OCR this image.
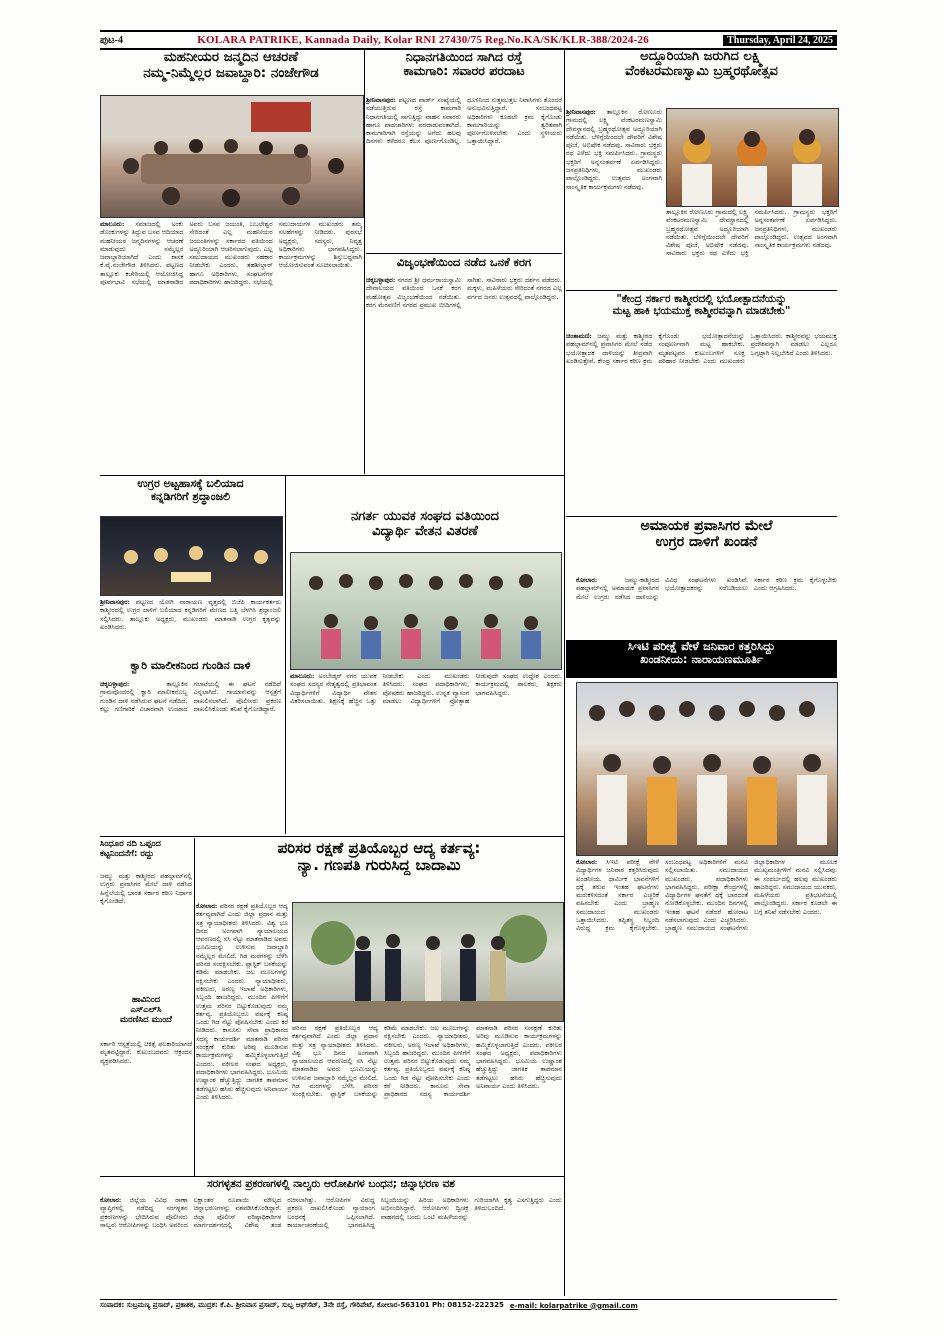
ಪುಟ-4	KOLARA PATRIKE, Kannada Daily, Kolar RNI 27430/75 Reg.No.KA/SK/KLR-388/2024-26	Thursday, April 24, 2025
ಮಹನೀಯರ ಜನ್ಮದಿನ ಆಚರಣೆ
ನಮ್ಮ-ನಿಮ್ಮೆಲ್ಲರ ಜವಾಬ್ದಾರಿ: ನಂಜೇಗೌಡ
ಮಾಲೂರು: ಸಮಾಜದಲ್ಲಿ ಅಂಕು ಡೊಂಕುಗಳನ್ನು ತಿದ್ದುವ ಬಸವ ಆದಿಯಾದ ಮಹನೀಯರ ಜನ್ಮದಿನಗಳನ್ನು ಆಚರಣೆ ಮಾಡುವುದು ನಮ್ಮೆಲ್ಲರ ಜವಾಬ್ದಾರಿಯಾಗಿದೆ ಎಂದು ಶಾಸಕ ಕೆ.ವೈ.ನಂಜೇಗೌಡ ತಿಳಿಸಿದರು. ಪಟ್ಟಣದ ತಾಲ್ಲೂಕು ಕಚೇರಿಯಲ್ಲಿ ಆಯೋಜಿಸಿದ್ದ ಪೂರ್ವಭಾವಿ ಸಭೆಯಲ್ಲಿ ಮಾತನಾಡಿದ ಅವರು ಬಸವ ಜಯಂತಿ, ಬಬಲೇಶ್ವರ ಸೇರಿದಂತೆ ಎಲ್ಲ ಮಹನೀಯರ ಜಯಂತಿಗಳನ್ನು ಸರ್ಕಾರದ ವತಿಯಿಂದ ಅದ್ದೂರಿಯಾಗಿ ಆಚರಿಸಲಾಗುವುದು. ಎಲ್ಲ ಸಮುದಾಯದ ಮುಖಂಡರು ಸಹಕಾರ ನೀಡಬೇಕು ಎಂದರು. ತಹಶೀಲ್ದಾರ್ ಹಾಗೂ ಅಧಿಕಾರಿಗಳು, ಸಂಘಟನೆಗಳ ಪದಾಧಿಕಾರಿಗಳು ಹಾಜರಿದ್ದರು. ಸಭೆಯಲ್ಲಿ ಸಮುದಾಯಗಳ ಮುಖಂಡರು ತಮ್ಮ ಸಲಹೆಗಳನ್ನು ನೀಡಿದರು. ಪುರಸಭೆ ಅಧ್ಯಕ್ಷರು, ಸದಸ್ಯರು, ನಿವೃತ್ತ ಅಧಿಕಾರಿಗಳು ಭಾಗವಹಿಸಿದ್ದರು. ಕಾರ್ಯಕ್ರಮಗಳನ್ನು ಶಿಸ್ತುಬದ್ಧವಾಗಿ ಆಯೋಜಿಸುವಂತೆ ಸೂಚಿಸಲಾಯಿತು.
ನಿಧಾನಗತಿಯಿಂದ ಸಾಗಿದ ರಸ್ತೆ
ಕಾಮಗಾರಿ: ಸವಾರರ ಪರದಾಟ
ಶ್ರೀನಿವಾಸಪುರ: ಪಟ್ಟಣದ ವಾರ್ಡ್ ಸಂಖ್ಯೆಯಲ್ಲಿ ನಡೆಯುತ್ತಿರುವ ರಸ್ತೆ ಕಾಮಗಾರಿ ನಿಧಾನಗತಿಯಲ್ಲಿ ಸಾಗುತ್ತಿದ್ದು ವಾಹನ ಸವಾರರು ಹಾಗೂ ಪಾದಚಾರಿಗಳು ಪರದಾಡುವಂತಾಗಿದೆ. ಕಾಮಗಾರಿಗಾಗಿ ರಸ್ತೆಯನ್ನು ಅಗೆದು ಹಲವು ದಿನಗಳು ಕಳೆದರೂ ಕೆಲಸ ಪೂರ್ಣಗೊಂಡಿಲ್ಲ. ಧೂಳಿನಿಂದ ಸುತ್ತಮುತ್ತಲ ನಿವಾಸಿಗಳು ತೊಂದರೆ ಅನುಭವಿಸುತ್ತಿದ್ದಾರೆ. ಸಂಬಂಧಪಟ್ಟ ಅಧಿಕಾರಿಗಳು ಕೂಡಲೇ ಕ್ರಮ ಕೈಗೊಂಡು ಕಾಮಗಾರಿಯನ್ನು ತ್ವರಿತವಾಗಿ ಪೂರ್ಣಗೊಳಿಸಬೇಕು ಎಂದು ಸ್ಥಳೀಯರು ಒತ್ತಾಯಿಸಿದ್ದಾರೆ.
ವಿಜೃಂಭಣೆಯಿಂದ ನಡೆದ ಒನಕೆ ಕರಗ
ಚಿಕ್ಕಬಳ್ಳಾಪುರ: ನಗರದ ಶ್ರೀ ಧರ್ಮರಾಯಸ್ವಾಮಿ ದೇವಾಲಯದ ವತಿಯಿಂದ ಒನಕೆ ಕರಗ ಮಹೋತ್ಸವ ವಿಜೃಂಭಣೆಯಿಂದ ನಡೆಯಿತು. ಕರಗ ಮೆರವಣಿಗೆ ನಗರದ ಪ್ರಮುಖ ಬೀದಿಗಳಲ್ಲಿ ಸಾಗಿತು. ಸಾವಿರಾರು ಭಕ್ತರು ದರ್ಶನ ಪಡೆದರು. ಮಕ್ಕಳು, ಮಹಿಳೆಯರು ಸೇರಿದಂತೆ ನಗರದ ಎಲ್ಲ ವರ್ಗದ ಜನರು ಉತ್ಸವದಲ್ಲಿ ಪಾಲ್ಗೊಂಡಿದ್ದರು.
ಅದ್ದೂರಿಯಾಗಿ ಜರುಗಿದ ಲಕ್ಷ್ಮಿ
ವೆಂಕಟರಮಣಸ್ವಾಮಿ ಬ್ರಹ್ಮರಥೋತ್ಸವ
ಶ್ರೀನಿವಾಸಪುರ: ತಾಲ್ಲೂಕಿನ ರೋಣೂರು ಗ್ರಾಮದಲ್ಲಿ ಲಕ್ಷ್ಮಿ ವೆಂಕಟರಮಣಸ್ವಾಮಿ ದೇವಸ್ಥಾನದಲ್ಲಿ ಬ್ರಹ್ಮರಥೋತ್ಸವ ಅದ್ದೂರಿಯಾಗಿ ನಡೆಯಿತು. ಬೆಳಿಗ್ಗೆಯಿಂದಲೇ ದೇವರಿಗೆ ವಿಶೇಷ ಪೂಜೆ, ಅಭಿಷೇಕ ನಡೆದವು. ಸಾವಿರಾರು ಭಕ್ತರು ರಥ ಎಳೆದು ಭಕ್ತಿ ಸಮರ್ಪಿಸಿದರು. ಗ್ರಾಮಸ್ಥರು ಭಕ್ತರಿಗೆ ಅನ್ನಸಂತರ್ಪಣೆ ಏರ್ಪಡಿಸಿದ್ದರು. ಜನಪ್ರತಿನಿಧಿಗಳು, ಮುಖಂಡರು ಪಾಲ್ಗೊಂಡಿದ್ದರು. ಉತ್ಸವದ ಅಂಗವಾಗಿ ಸಾಂಸ್ಕೃತಿಕ ಕಾರ್ಯಕ್ರಮಗಳು ನಡೆದವು.
ತಾಲ್ಲೂಕಿನ ರೋಣೂರು ಗ್ರಾಮದಲ್ಲಿ ಲಕ್ಷ್ಮಿ ವೆಂಕಟರಮಣಸ್ವಾಮಿ ದೇವಸ್ಥಾನದಲ್ಲಿ ಬ್ರಹ್ಮರಥೋತ್ಸವ ಅದ್ದೂರಿಯಾಗಿ ನಡೆಯಿತು. ಬೆಳಿಗ್ಗೆಯಿಂದಲೇ ದೇವರಿಗೆ ವಿಶೇಷ ಪೂಜೆ, ಅಭಿಷೇಕ ನಡೆದವು. ಸಾವಿರಾರು ಭಕ್ತರು ರಥ ಎಳೆದು ಭಕ್ತಿ ಸಮರ್ಪಿಸಿದರು. ಗ್ರಾಮಸ್ಥರು ಭಕ್ತರಿಗೆ ಅನ್ನಸಂತರ್ಪಣೆ ಏರ್ಪಡಿಸಿದ್ದರು. ಜನಪ್ರತಿನಿಧಿಗಳು, ಮುಖಂಡರು ಪಾಲ್ಗೊಂಡಿದ್ದರು. ಉತ್ಸವದ ಅಂಗವಾಗಿ ಸಾಂಸ್ಕೃತಿಕ ಕಾರ್ಯಕ್ರಮಗಳು ನಡೆದವು.
"ಕೇಂದ್ರ ಸರ್ಕಾರ ಕಾಶ್ಮೀರದಲ್ಲಿ ಭಯೋತ್ಪಾದನೆಯನ್ನು
ಮಟ್ಟ ಹಾಕಿ ಭಯಮುಕ್ತ ಕಾಶ್ಮೀರವನ್ನಾಗಿ ಮಾಡಬೇಕು"
ಚಿಂತಾಮಣಿ: ಜಮ್ಮು ಮತ್ತು ಕಾಶ್ಮೀರದ ಪಹಲ್ಗಾಮ್‌ನಲ್ಲಿ ಪ್ರವಾಸಿಗರ ಮೇಲೆ ನಡೆದ ಭಯೋತ್ಪಾದಕ ದಾಳಿಯನ್ನು ತೀವ್ರವಾಗಿ ಖಂಡಿಸುತ್ತೇವೆ. ಕೇಂದ್ರ ಸರ್ಕಾರ ಕಠಿಣ ಕ್ರಮ ಕೈಗೊಂಡು ಭಯೋತ್ಪಾದನೆಯನ್ನು ಸಂಪೂರ್ಣವಾಗಿ ಮಟ್ಟ ಹಾಕಬೇಕು. ಮೃತಪಟ್ಟವರ ಕುಟುಂಬಗಳಿಗೆ ಸೂಕ್ತ ಪರಿಹಾರ ನೀಡಬೇಕು ಎಂದು ಮುಖಂಡರು ಒತ್ತಾಯಿಸಿದರು. ಕಾಶ್ಮೀರವನ್ನು ಭಯಮುಕ್ತ ಪ್ರದೇಶವನ್ನಾಗಿ ಮಾಡಲು ಎಲ್ಲರೂ ಒಗ್ಗಟ್ಟಾಗಿ ನಿಲ್ಲಬೇಕಿದೆ ಎಂದು ತಿಳಿಸಿದರು.
ಉಗ್ರರ ಅಟ್ಟಹಾಸಕ್ಕೆ ಬಲಿಯಾದ
ಕನ್ನಡಿಗರಿಗೆ ಶ್ರದ್ಧಾಂಜಲಿ
ಶ್ರೀನಿವಾಸಪುರ: ಪಟ್ಟಣದ ಯೋಗಿ ನಾರಾಯಣ ವೃತ್ತದಲ್ಲಿ ಬಿಜೆಪಿ ಕಾರ್ಯಕರ್ತರು ಕಾಶ್ಮೀರದಲ್ಲಿ ಉಗ್ರರ ದಾಳಿಗೆ ಬಲಿಯಾದ ಕನ್ನಡಿಗರಿಗೆ ಮೇಣದ ಬತ್ತಿ ಬೆಳಗಿಸಿ ಶ್ರದ್ಧಾಂಜಲಿ ಸಲ್ಲಿಸಿದರು. ತಾಲ್ಲೂಕು ಅಧ್ಯಕ್ಷರು, ಮುಖಂಡರು ಮಾತನಾಡಿ ಉಗ್ರರ ಕೃತ್ಯವನ್ನು ಖಂಡಿಸಿದರು.
ಕ್ವಾರಿ ಮಾಲೀಕನಿಂದ ಗುಂಡಿನ ದಾಳಿ
ಚಿಕ್ಕಬಳ್ಳಾಪುರ:	ತಾಲ್ಲೂಕಿನ ಗ್ರಾಮವೊಂದರಲ್ಲಿ ಕ್ವಾರಿ ಮಾಲೀಕನೊಬ್ಬ ಗುಂಡಿನ ದಾಳಿ ನಡೆಸಿರುವ ಘಟನೆ ನಡೆದಿದೆ. ಕಲ್ಲು ಗಣಿಗಾರಿಕೆ ವಿಚಾರವಾಗಿ ಉಂಟಾದ ಗಲಾಟೆಯಲ್ಲಿ ಈ ಘಟನೆ ನಡೆದಿದೆ ಎನ್ನಲಾಗಿದೆ. ಗಾಯಾಳುವನ್ನು ಆಸ್ಪತ್ರೆಗೆ ದಾಖಲಿಸಲಾಗಿದೆ. ಪೊಲೀಸರು ಪ್ರಕರಣ ದಾಖಲಿಸಿಕೊಂಡು ತನಿಖೆ ಕೈಗೊಂಡಿದ್ದಾರೆ.
ನಗರ್ತ ಯುವಕ ಸಂಘದ ವತಿಯಿಂದ
ವಿದ್ಯಾರ್ಥಿ ವೇತನ ವಿತರಣೆ
ಮಾಲೂರು: ಅಂಬೇಡ್ಕರ್ ನಗರ ಯುವಕ ಸಂಘದ ಸದಸ್ಯರ ನೇತೃತ್ವದಲ್ಲಿ ಪ್ರತಿಭಾವಂತ ವಿದ್ಯಾರ್ಥಿಗಳಿಗೆ ವಿದ್ಯಾರ್ಥಿ ವೇತನ ವಿತರಿಸಲಾಯಿತು. ಶಿಕ್ಷಣಕ್ಕೆ ಹೆಚ್ಚಿನ ಒತ್ತು ನೀಡಬೇಕು ಎಂದು ಮುಖಂಡರು ತಿಳಿಸಿದರು. ಸಂಘದ ಪದಾಧಿಕಾರಿಗಳು, ಪೋಷಕರು ಹಾಜರಿದ್ದರು. ಉನ್ನತ ವ್ಯಾಸಂಗ ಮಾಡಲು ವಿದ್ಯಾರ್ಥಿಗಳಿಗೆ ಪ್ರೋತ್ಸಾಹ ನೀಡುವುದೇ ಸಂಘದ ಉದ್ದೇಶ ಎಂದರು. ಕಾರ್ಯಕ್ರಮದಲ್ಲಿ ಪಾಲಕರು, ಶಿಕ್ಷಕರು ಭಾಗವಹಿಸಿದ್ದರು.
ಅಮಾಯಕ ಪ್ರವಾಸಿಗರ ಮೇಲೆ
ಉಗ್ರರ ದಾಳಿಗೆ ಖಂಡನೆ
ಕೋಲಾರ:	ಜಮ್ಮು-ಕಾಶ್ಮೀರದ ಪಹಲ್ಗಾಮ್‌ನಲ್ಲಿ ಅಮಾಯಕ ಪ್ರವಾಸಿಗರ ಮೇಲೆ ಉಗ್ರರು ನಡೆಸಿದ ದಾಳಿಯನ್ನು ವಿವಿಧ ಸಂಘಟನೆಗಳು ಖಂಡಿಸಿವೆ. ಭಯೋತ್ಪಾದಕರನ್ನು ಸದೆಬಡಿಯಲು ಸರ್ಕಾರ ಕಠಿಣ ಕ್ರಮ ಕೈಗೊಳ್ಳಬೇಕು ಎಂದು ಆಗ್ರಹಿಸಿದರು.
ಸಿಇಟಿ ಪರೀಕ್ಷೆ ವೇಳೆ ಜನಿವಾರ ಕತ್ತರಿಸಿದ್ದು
ಖಂಡನೀಯ: ನಾರಾಯಣಮೂರ್ತಿ
ಕೋಲಾರ: ಸಿಇಟಿ ಪರೀಕ್ಷೆ ವೇಳೆ ವಿದ್ಯಾರ್ಥಿಗಳ ಜನಿವಾರ ಕತ್ತರಿಸಿರುವುದು ಖಂಡನೀಯ. ಧಾರ್ಮಿಕ ಭಾವನೆಗಳಿಗೆ ಧಕ್ಕೆ ತರುವ ಇಂತಹ ಘಟನೆಗಳು ಮರುಕಳಿಸದಂತೆ ಸರ್ಕಾರ ಎಚ್ಚರಿಕೆ ವಹಿಸಬೇಕು ಎಂದು ಬ್ರಾಹ್ಮಣ ಸಮುದಾಯದ ಮುಖಂಡರು ಒತ್ತಾಯಿಸಿದರು. ತಪ್ಪಿತಸ್ಥ ಸಿಬ್ಬಂದಿ ವಿರುದ್ಧ ಕ್ರಮ ಕೈಗೊಳ್ಳಬೇಕು. ಸಂಬಂಧಪಟ್ಟ ಅಧಿಕಾರಿಗಳಿಗೆ ಮನವಿ ಸಲ್ಲಿಸಲಾಯಿತು. ಸಮುದಾಯದ ಮುಖಂಡರು, ಪದಾಧಿಕಾರಿಗಳು ಭಾಗವಹಿಸಿದ್ದರು. ಪರೀಕ್ಷಾ ಕೇಂದ್ರಗಳಲ್ಲಿ ವಿದ್ಯಾರ್ಥಿಗಳ ಘನತೆಗೆ ಧಕ್ಕೆ ಬಾರದಂತೆ ನೋಡಿಕೊಳ್ಳಬೇಕು. ಮುಂದಿನ ದಿನಗಳಲ್ಲಿ ಇಂತಹ ಘಟನೆ ನಡೆದರೆ ಹೋರಾಟ ನಡೆಸಲಾಗುವುದು ಎಂದು ಎಚ್ಚರಿಸಿದರು. ಬ್ರಾಹ್ಮಣ ಸಮುದಾಯದ ಸಂಘಟನೆಗಳು ಜಿಲ್ಲಾಧಿಕಾರಿಗಳ ಮೂಲಕ ಮುಖ್ಯಮಂತ್ರಿಗಳಿಗೆ ಮನವಿ ಸಲ್ಲಿಸಿದವು. ಈ ಸಂದರ್ಭದಲ್ಲಿ ಹಲವು ಮುಖಂಡರು ಹಾಜರಿದ್ದರು. ಸಮುದಾಯದ ಯುವಕರು, ಮಹಿಳೆಯರು ಪ್ರತಿಭಟನೆಯಲ್ಲಿ ಪಾಲ್ಗೊಂಡಿದ್ದರು. ಸರ್ಕಾರ ಕೂಡಲೇ ಈ ಬಗ್ಗೆ ತನಿಖೆ ನಡೆಸಬೇಕು ಎಂದರು.
ಸಿಂಧೂರ ನದಿ ಒಪ್ಪಂದ
ಕಟ್ಟನಿಂದನೆಗೆ: ರದ್ದು
ಜಮ್ಮು ಮತ್ತು ಕಾಶ್ಮೀರದ ಪಹಲ್ಗಾಮ್‌ನಲ್ಲಿ ಉಗ್ರರು ಪ್ರವಾಸಿಗರ ಮೇಲೆ ದಾಳಿ ನಡೆಸಿದ ಹಿನ್ನೆಲೆಯಲ್ಲಿ ಭಾರತ ಸರ್ಕಾರ ಕಠಿಣ ನಿರ್ಧಾರ ಕೈಗೊಂಡಿದೆ.
ಹಾವಿನಿಂದ
ಎಸ್‌ಎಲ್‌ಸಿ
ಮರಣಿಸಿದ ಮುಂದೆ
ಸರ್ಕಾರಿ ಆಸ್ಪತ್ರೆಯಲ್ಲಿ ಚಿಕಿತ್ಸೆ ಫಲಕಾರಿಯಾಗದೆ ಮೃತಪಟ್ಟಿದ್ದಾರೆ. ಕುಟುಂಬದವರು ಆಕ್ರಂದನ ವ್ಯಕ್ತಪಡಿಸಿದರು.
ಪರಿಸರ ರಕ್ಷಣೆ ಪ್ರತಿಯೊಬ್ಬರ ಆದ್ಯ ಕರ್ತವ್ಯ:
ನ್ಯಾ. ಗಣಪತಿ ಗುರುಸಿದ್ದ ಬಾದಾಮಿ
ಕೋಲಾರ: ಪರಿಸರ ರಕ್ಷಣೆ ಪ್ರತಿಯೊಬ್ಬರ ಆದ್ಯ ಕರ್ತವ್ಯವಾಗಿದೆ ಎಂದು ಜಿಲ್ಲಾ ಪ್ರಧಾನ ಮತ್ತು ಸತ್ರ ನ್ಯಾಯಾಧೀಶರು ತಿಳಿಸಿದರು. ವಿಶ್ವ ಭೂ ದಿನದ ಅಂಗವಾಗಿ ನ್ಯಾಯಾಲಯದ ಆವರಣದಲ್ಲಿ ಸಸಿ ನೆಟ್ಟು ಮಾತನಾಡಿದ ಅವರು ಭೂಮಿಯನ್ನು ಉಳಿಸುವ ಜವಾಬ್ದಾರಿ ನಮ್ಮೆಲ್ಲರ ಮೇಲಿದೆ. ಗಿಡ ಮರಗಳನ್ನು ಬೆಳೆಸಿ ಪರಿಸರ ಸಂರಕ್ಷಿಸಬೇಕು. ಪ್ಲಾಸ್ಟಿಕ್ ಬಳಕೆಯನ್ನು ಕಡಿಮೆ ಮಾಡಬೇಕು. ಜಲ ಮೂಲಗಳನ್ನು ರಕ್ಷಿಸಬೇಕು ಎಂದರು. ನ್ಯಾಯಾಧೀಶರು, ವಕೀಲರು, ಅರಣ್ಯ ಇಲಾಖೆ ಅಧಿಕಾರಿಗಳು, ಸಿಬ್ಬಂದಿ ಹಾಜರಿದ್ದರು. ಮುಂದಿನ ಪೀಳಿಗೆಗೆ ಉತ್ತಮ ಪರಿಸರ ಬಿಟ್ಟುಕೊಡುವುದು ನಮ್ಮ ಕರ್ತವ್ಯ. ಪ್ರತಿಯೊಬ್ಬರೂ ವರ್ಷಕ್ಕೆ ಕನಿಷ್ಠ ಒಂದು ಗಿಡ ನೆಟ್ಟು ಪೋಷಿಸಬೇಕು ಎಂದು ಕರೆ ನೀಡಿದರು. ಕಾನೂನು ಸೇವಾ ಪ್ರಾಧಿಕಾರದ ಸದಸ್ಯ ಕಾರ್ಯದರ್ಶಿ ಮಾತನಾಡಿ ಪರಿಸರ ಸಂರಕ್ಷಣೆ ಕುರಿತು ಅರಿವು ಮೂಡಿಸುವ ಕಾರ್ಯಕ್ರಮಗಳನ್ನು ಹಮ್ಮಿಕೊಳ್ಳಲಾಗುತ್ತಿದೆ ಎಂದರು. ವಕೀಲರ ಸಂಘದ ಅಧ್ಯಕ್ಷರು, ಪದಾಧಿಕಾರಿಗಳು ಭಾಗವಹಿಸಿದ್ದರು. ಭೂಮಿಯ ಉಷ್ಣಾಂಶ ಹೆಚ್ಚುತ್ತಿದ್ದು ಜಾಗತಿಕ ತಾಪಮಾನ ತಡೆಗಟ್ಟಲು ಹಸಿರು ಹೆಚ್ಚಿಸುವುದು ಅನಿವಾರ್ಯ ಎಂದು ತಿಳಿಸಿದರು.
ಪರಿಸರ ರಕ್ಷಣೆ ಪ್ರತಿಯೊಬ್ಬರ ಆದ್ಯ ಕರ್ತವ್ಯವಾಗಿದೆ ಎಂದು ಜಿಲ್ಲಾ ಪ್ರಧಾನ ಮತ್ತು ಸತ್ರ ನ್ಯಾಯಾಧೀಶರು ತಿಳಿಸಿದರು. ವಿಶ್ವ ಭೂ ದಿನದ ಅಂಗವಾಗಿ ನ್ಯಾಯಾಲಯದ ಆವರಣದಲ್ಲಿ ಸಸಿ ನೆಟ್ಟು ಮಾತನಾಡಿದ ಅವರು ಭೂಮಿಯನ್ನು ಉಳಿಸುವ ಜವಾಬ್ದಾರಿ ನಮ್ಮೆಲ್ಲರ ಮೇಲಿದೆ. ಗಿಡ ಮರಗಳನ್ನು ಬೆಳೆಸಿ ಪರಿಸರ ಸಂರಕ್ಷಿಸಬೇಕು. ಪ್ಲಾಸ್ಟಿಕ್ ಬಳಕೆಯನ್ನು ಕಡಿಮೆ ಮಾಡಬೇಕು. ಜಲ ಮೂಲಗಳನ್ನು ರಕ್ಷಿಸಬೇಕು ಎಂದರು. ನ್ಯಾಯಾಧೀಶರು, ವಕೀಲರು, ಅರಣ್ಯ ಇಲಾಖೆ ಅಧಿಕಾರಿಗಳು, ಸಿಬ್ಬಂದಿ ಹಾಜರಿದ್ದರು. ಮುಂದಿನ ಪೀಳಿಗೆಗೆ ಉತ್ತಮ ಪರಿಸರ ಬಿಟ್ಟುಕೊಡುವುದು ನಮ್ಮ ಕರ್ತವ್ಯ. ಪ್ರತಿಯೊಬ್ಬರೂ ವರ್ಷಕ್ಕೆ ಕನಿಷ್ಠ ಒಂದು ಗಿಡ ನೆಟ್ಟು ಪೋಷಿಸಬೇಕು ಎಂದು ಕರೆ ನೀಡಿದರು. ಕಾನೂನು ಸೇವಾ ಪ್ರಾಧಿಕಾರದ ಸದಸ್ಯ ಕಾರ್ಯದರ್ಶಿ ಮಾತನಾಡಿ ಪರಿಸರ ಸಂರಕ್ಷಣೆ ಕುರಿತು ಅರಿವು ಮೂಡಿಸುವ ಕಾರ್ಯಕ್ರಮಗಳನ್ನು ಹಮ್ಮಿಕೊಳ್ಳಲಾಗುತ್ತಿದೆ ಎಂದರು. ವಕೀಲರ ಸಂಘದ ಅಧ್ಯಕ್ಷರು, ಪದಾಧಿಕಾರಿಗಳು ಭಾಗವಹಿಸಿದ್ದರು. ಭೂಮಿಯ ಉಷ್ಣಾಂಶ ಹೆಚ್ಚುತ್ತಿದ್ದು ಜಾಗತಿಕ ತಾಪಮಾನ ತಡೆಗಟ್ಟಲು ಹಸಿರು ಹೆಚ್ಚಿಸುವುದು ಅನಿವಾರ್ಯ ಎಂದು ತಿಳಿಸಿದರು.
ಸರಗಳ್ಳತನ ಪ್ರಕರಣಗಳಲ್ಲಿ ನಾಲ್ವರು ಆರೋಪಿಗಳ ಬಂಧನ; ಚಿನ್ನಾಭರಣ ವಶ
ಕೋಲಾರ: ಜಿಲ್ಲೆಯ ವಿವಿಧ ಠಾಣಾ ವ್ಯಾಪ್ತಿಗಳಲ್ಲಿ ನಡೆದಿದ್ದ ಸರಗಳ್ಳತನ ಪ್ರಕರಣಗಳನ್ನು ಭೇದಿಸಿರುವ ಪೊಲೀಸರು ನಾಲ್ವರು ಆರೋಪಿಗಳನ್ನು ಬಂಧಿಸಿ ಅವರಿಂದ ಲಕ್ಷಾಂತರ ರೂಪಾಯಿ ಮೌಲ್ಯದ ಚಿನ್ನಾಭರಣಗಳನ್ನು ವಶಪಡಿಸಿಕೊಂಡಿದ್ದಾರೆ. ಜಿಲ್ಲಾ ಪೊಲೀಸ್ ವರಿಷ್ಠಾಧಿಕಾರಿಗಳ ಮಾರ್ಗದರ್ಶನದಲ್ಲಿ ವಿಶೇಷ ತಂಡ ರಚಿಸಲಾಗಿತ್ತು. ಆರೋಪಿಗಳ ವಿರುದ್ಧ ಪ್ರಕರಣ ದಾಖಲಿಸಿಕೊಂಡು ನ್ಯಾಯಾಂಗ ಬಂಧನಕ್ಕೆ ಒಪ್ಪಿಸಲಾಗಿದೆ. ಕಾರ್ಯಾಚರಣೆಯಲ್ಲಿ ಭಾಗವಹಿಸಿದ್ದ ಸಿಬ್ಬಂದಿಯನ್ನು ಹಿರಿಯ ಅಧಿಕಾರಿಗಳು ಅಭಿನಂದಿಸಿದ್ದಾರೆ. ಆರೋಪಿಗಳು ದ್ವಿಚಕ್ರ ವಾಹನದಲ್ಲಿ ಬಂದು ಒಂಟಿ ಮಹಿಳೆಯರನ್ನು ಗುರಿಯಾಗಿಸಿ ಕೃತ್ಯ ಎಸಗುತ್ತಿದ್ದರು ಎಂದು ತಿಳಿದುಬಂದಿದೆ.
ಸಂಪಾದಕ: ಸುಬ್ರಮಣ್ಯ ಪ್ರಸಾದ್, ಪ್ರಕಾಶಕ, ಮುದ್ರಕ: ಕೆ.ಪಿ. ಶ್ರೀನಿವಾಸ ಪ್ರಸಾದ್, ಸುಬ್ಬ ಆಫ್‌ಸೆಟ್, 3ನೇ ರಸ್ತೆ, ಗೌರಿಪೇಟೆ, ಕೋಲಾರ-563101 Ph: 08152-222325 e-mail: kolarpatrike @gmail.com
